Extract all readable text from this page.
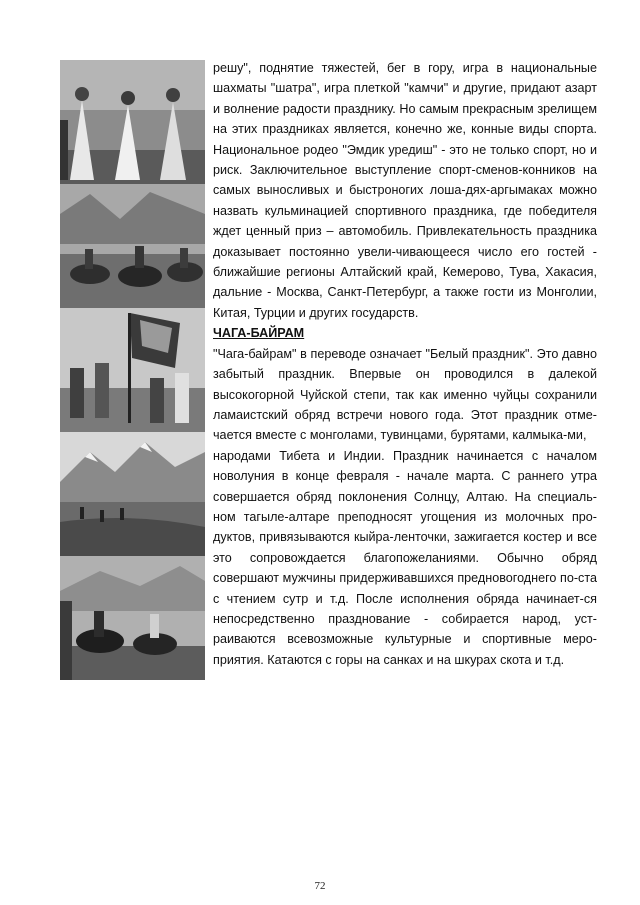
решу", поднятие тяжестей, бег в гору, игра в национальные шахматы "шатра", игра плеткой "камчи" и другие, придают азарт и волнение радости празднику. Но самым прекрасным зрелищем на этих праздниках является, конечно же, конные виды спорта. Национальное родео "Эмдик уредиш" - это не только спорт, но и риск. Заключительное выступление спорт-сменов-конников на самых выносливых и быстроногих лоша-дях-аргымаках можно назвать кульминацией спортивного праздника, где победителя ждет ценный приз – автомобиль. Привлекательность праздника доказывает постоянно увели-чивающееся число его гостей - ближайшие регионы Алтайский край, Кемерово, Тува, Хакасия, дальние - Москва, Санкт-Петербург, а также гости из Монголии, Китая, Турции и других государств.

ЧАГА-БАЙРАМ

"Чага-байрам" в переводе означает "Белый праздник". Это давно забытый праздник. Впервые он проводился в далекой высокогорной Чуйской степи, так как именно чуйцы сохранили ламаистский обряд встречи нового года. Этот праздник отме-чается вместе с монголами, тувинцами, бурятами, калмыка-ми,

народами Тибета и Индии. Праздник начинается с началом новолуния в конце февраля - начале марта. С раннего утра совершается обряд поклонения Солнцу, Алтаю. На специаль-ном тагыле-алтаре преподносят угощения из молочных про-дуктов, привязываются кыйра-ленточки, зажигается костер и все это сопровождается благопожеланиями. Обычно обряд совершают мужчины придерживавшихся предновогоднего по-ста с чтением сутр и т.д. После исполнения обряда начинает-ся непосредственно празднование - собирается народ, уст-раиваются всевозможные культурные и спортивные меро-приятия. Катаются с горы на санках и на шкурах скота и т.д.

72
